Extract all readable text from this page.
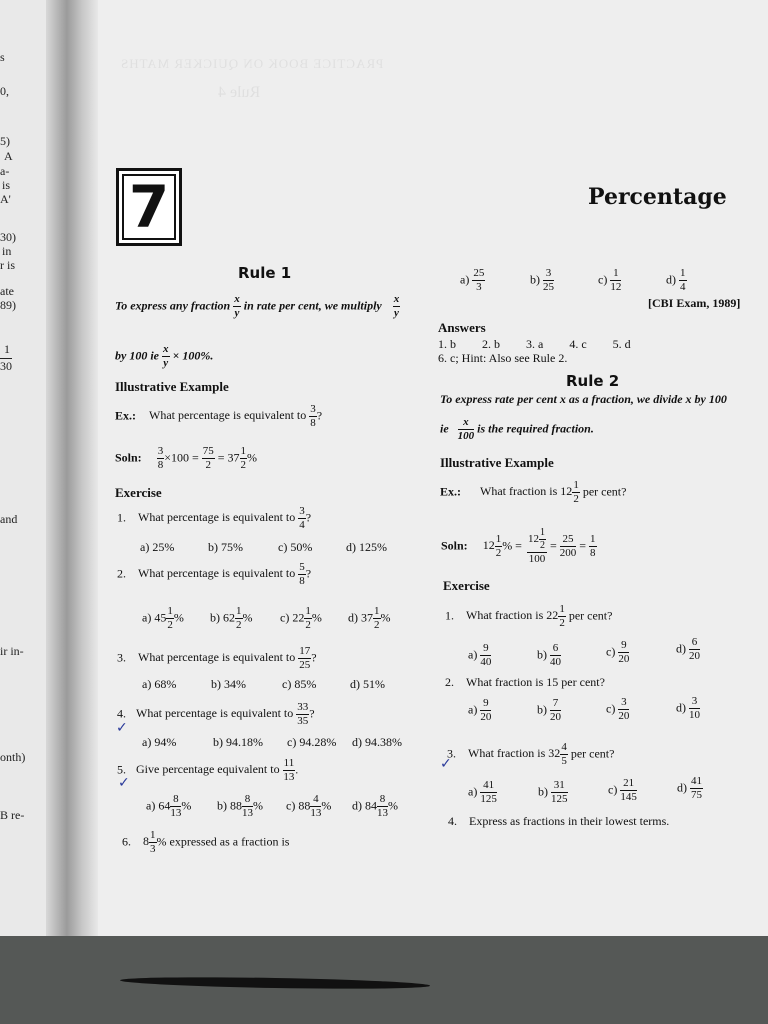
s
0,
5)
A
a-
is
A'
30)
in
r is
ate
89)
1
30
and
ir in-
onth)
B re-
PRACTICE BOOK ON QUICKER MATHS
Rule 4
7	Percentage
Rule 1
To express any fraction $\frac{x}{y}$ in rate per cent, we multiply $\frac{x}{y}$
by 100 ie $\frac{x}{y} \times 100\%$.
Illustrative Example
Ex.: What percentage is equivalent to $\frac{3}{8}$ ?
Soln: $\frac{3}{8} \times 100 = \frac{75}{2} = 37 \frac{1}{2}$ %
Exercise
1. What percentage is equivalent to $\frac{3}{4}$ ?
a) 25%	b) 75%	c) 50%	d) 125%
2. What percentage is equivalent to $\frac{5}{8}$ ?
a) $45 \frac{1}{2}$ % b) $62 \frac{1}{2}$ % c) $22 \frac{1}{2}$ % d) $37 \frac{1}{2}$ %
3. What percentage is equivalent to $\frac{17}{25}$ ?
a) 68%	b) 34%	c) 85%	d) 51%
4. What percentage is equivalent to $\frac{33}{35}$ ?
✓
a) 94%	b) 94.18% c) 94.28% d) 94.38%
5. Give percentage equivalent to $\frac{11}{13}$ .
✓
a) $64 \frac{8}{13}$ % b) $88 \frac{8}{13}$ % c) $88 \frac{4}{13}$ % d) $84 \frac{8}{13}$ %
6. $8 \frac{1}{3}$ % expressed as a fraction is
$a) \frac{25}{3}$	$b) \frac{3}{25}$	$c) \frac{1}{12}$	$d) \frac{1}{4}$
[CBI Exam, 1989]
Answers
1. b 2. b 3. a 4. c 5. d
6. c; Hint: Also see Rule 2.
Rule 2
To express rate per cent x as a fraction, we divide x by 100
ie $\frac{x}{100}$ is the required fraction.
Illustrative Example
Ex.: What fraction is $12 \frac{1}{2}$ per cent?
Soln: $12 \frac{1}{2}$ % = $\frac{12 \frac{1}{2}}{100} = \frac{25}{200} = \frac{1}{8}$
Exercise
1. What fraction is $22 \frac{1}{2}$ per cent?
$a) \frac{9}{40}$	$b) \frac{6}{40}$	$c) \frac{9}{20}$	$d) \frac{6}{20}$
2. What fraction is 15 per cent?
$a) \frac{9}{20}$	$b) \frac{7}{20}$	$c) \frac{3}{20}$	$d) \frac{3}{10}$
✓
3. What fraction is $32 \frac{4}{5}$ per cent?
$a) \frac{41}{125}$	$b) \frac{31}{125}$	$c) \frac{21}{145}$	$d) \frac{41}{75}$
4. Express as fractions in their lowest terms.
